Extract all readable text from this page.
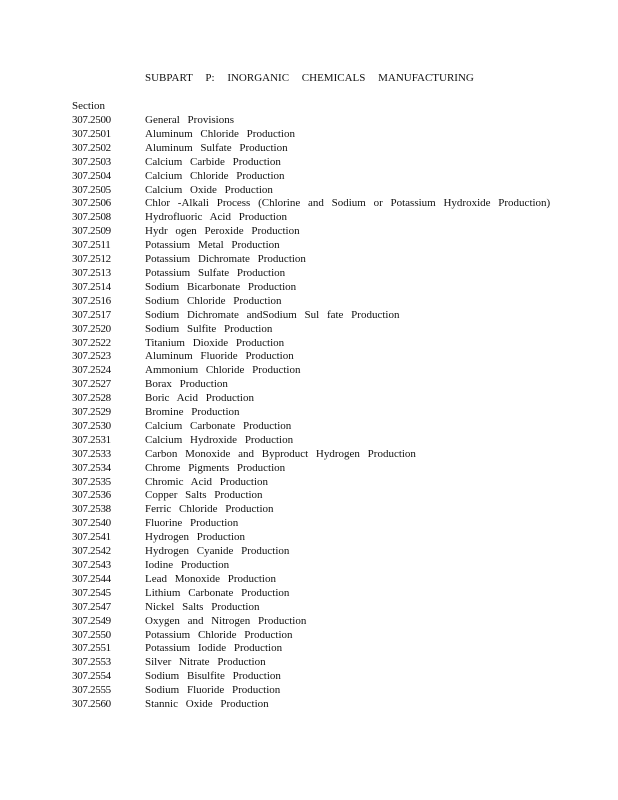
SUBPART P: INORGANIC CHEMICALS MANUFACTURING
Section
307.2500	General Provisions
307.2501	Aluminum Chloride Production
307.2502	Aluminum Sulfate Production
307.2503	Calcium Carbide Production
307.2504	Calcium Chloride Production
307.2505	Calcium Oxide Production
307.2506	Chlor -Alkali Process (Chlorine and Sodium or Potassium Hydroxide Production)
307.2508	Hydrofluoric Acid Production
307.2509	Hydr ogen Peroxide Production
307.2511	Potassium Metal Production
307.2512	Potassium Dichromate Production
307.2513	Potassium Sulfate Production
307.2514	Sodium Bicarbonate Production
307.2516	Sodium Chloride Production
307.2517	Sodium Dichromate andSodium Sul fate Production
307.2520	Sodium Sulfite Production
307.2522	Titanium Dioxide Production
307.2523	Aluminum Fluoride Production
307.2524	Ammonium Chloride Production
307.2527	Borax Production
307.2528	Boric Acid Production
307.2529	Bromine Production
307.2530	Calcium Carbonate Production
307.2531	Calcium Hydroxide Production
307.2533	Carbon Monoxide and Byproduct Hydrogen Production
307.2534	Chrome Pigments Production
307.2535	Chromic Acid Production
307.2536	Copper Salts Production
307.2538	Ferric Chloride Production
307.2540	Fluorine Production
307.2541	Hydrogen Production
307.2542	Hydrogen Cyanide Production
307.2543	Iodine Production
307.2544	Lead Monoxide Production
307.2545	Lithium Carbonate Production
307.2547	Nickel Salts Production
307.2549	Oxygen and Nitrogen Production
307.2550	Potassium Chloride Production
307.2551	Potassium Iodide Production
307.2553	Silver Nitrate Production
307.2554	Sodium Bisulfite Production
307.2555	Sodium Fluoride Production
307.2560	Stannic Oxide Production
